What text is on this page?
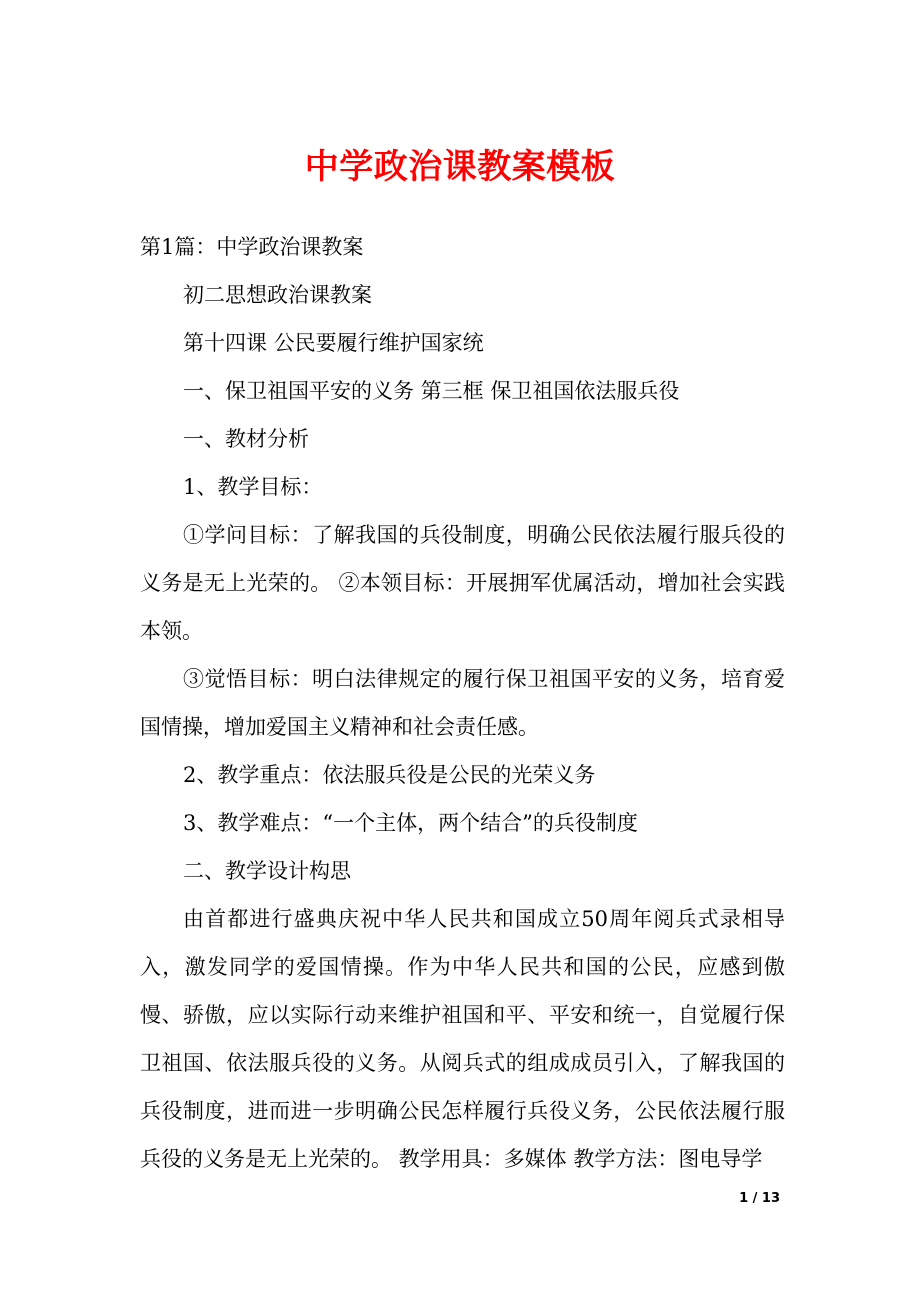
中学政治课教案模板

第1篇：中学政治课教案

初二思想政治课教案

第十四课 公民要履行维护国家统

一、保卫祖国平安的义务 第三框 保卫祖国依法服兵役

一、教材分析

1、教学目标：

①学问目标：了解我国的兵役制度，明确公民依法履行服兵役的义务是无上光荣的。 ②本领目标：开展拥军优属活动，增加社会实践本领。

③觉悟目标：明白法律规定的履行保卫祖国平安的义务，培育爱国情操，增加爱国主义精神和社会责任感。

2、教学重点：依法服兵役是公民的光荣义务

3、教学难点：“一个主体，两个结合”的兵役制度

二、教学设计构思

由首都进行盛典庆祝中华人民共和国成立50周年阅兵式录相导入，激发同学的爱国情操。作为中华人民共和国的公民，应感到傲慢、骄傲，应以实际行动来维护祖国和平、平安和统一，自觉履行保卫祖国、依法服兵役的义务。从阅兵式的组成成员引入，了解我国的兵役制度，进而进一步明确公民怎样履行兵役义务，公民依法履行服兵役的义务是无上光荣的。 教学用具：多媒体 教学方法：图电导学

1 / 13
